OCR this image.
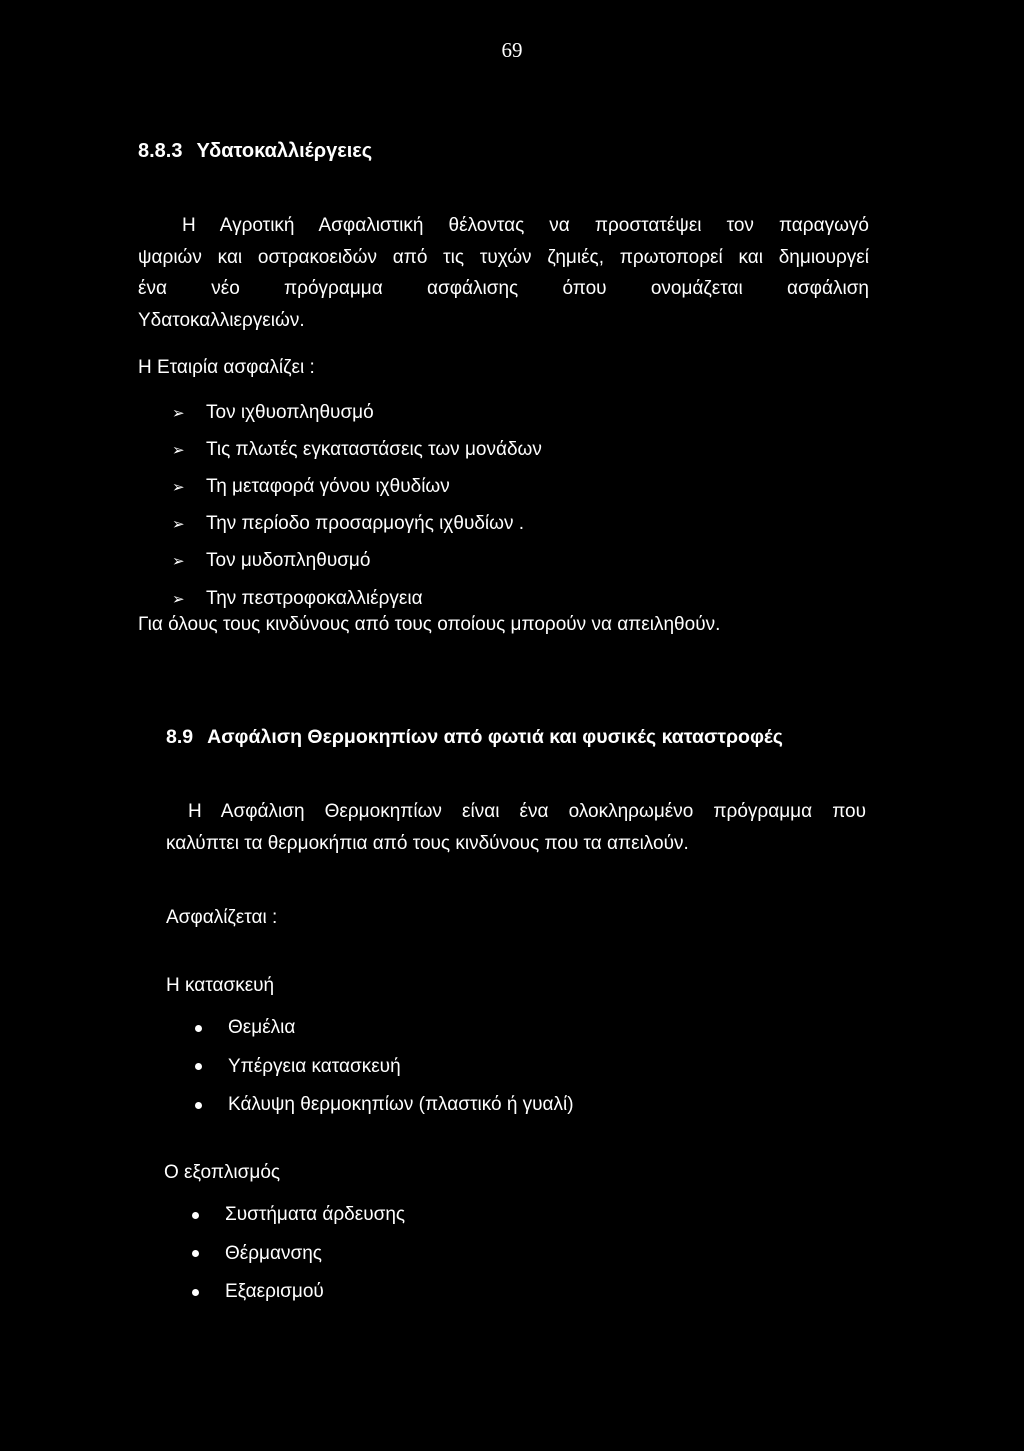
69
8.8.3 Υδατοκαλλιέργειες
Η Αγροτική Ασφαλιστική θέλοντας να προστατέψει τον παραγωγό
ψαριών και οστρακοειδών από τις τυχών ζημιές, πρωτοπορεί και δημιουργεί
ένα νέο πρόγραμμα ασφάλισης όπου ονομάζεται ασφάλιση
Υδατοκαλλιεργειών.
Η Εταιρία ασφαλίζει :
➢	Τον ιχθυοπληθυσμό
➢	Τις πλωτές εγκαταστάσεις των μονάδων
➢	Τη μεταφορά γόνου ιχθυδίων
➢	Την περίοδο προσαρμογής ιχθυδίων .
➢	Τον μυδοπληθυσμό
➢	Την πεστροφοκαλλιέργεια
Για όλους τους κινδύνους από τους οποίους μπορούν να απειληθούν.
8.9 Ασφάλιση Θερμοκηπίων από φωτιά και φυσικές καταστροφές
Η Ασφάλιση Θερμοκηπίων είναι ένα ολοκληρωμένο πρόγραμμα που
καλύπτει τα θερμοκήπια από τους κινδύνους που τα απειλούν.
Ασφαλίζεται :
Η κατασκευή
Θεμέλια
Υπέργεια κατασκευή
Κάλυψη θερμοκηπίων (πλαστικό ή γυαλί)
Ο εξοπλισμός
Συστήματα άρδευσης
Θέρμανσης
Εξαερισμού
